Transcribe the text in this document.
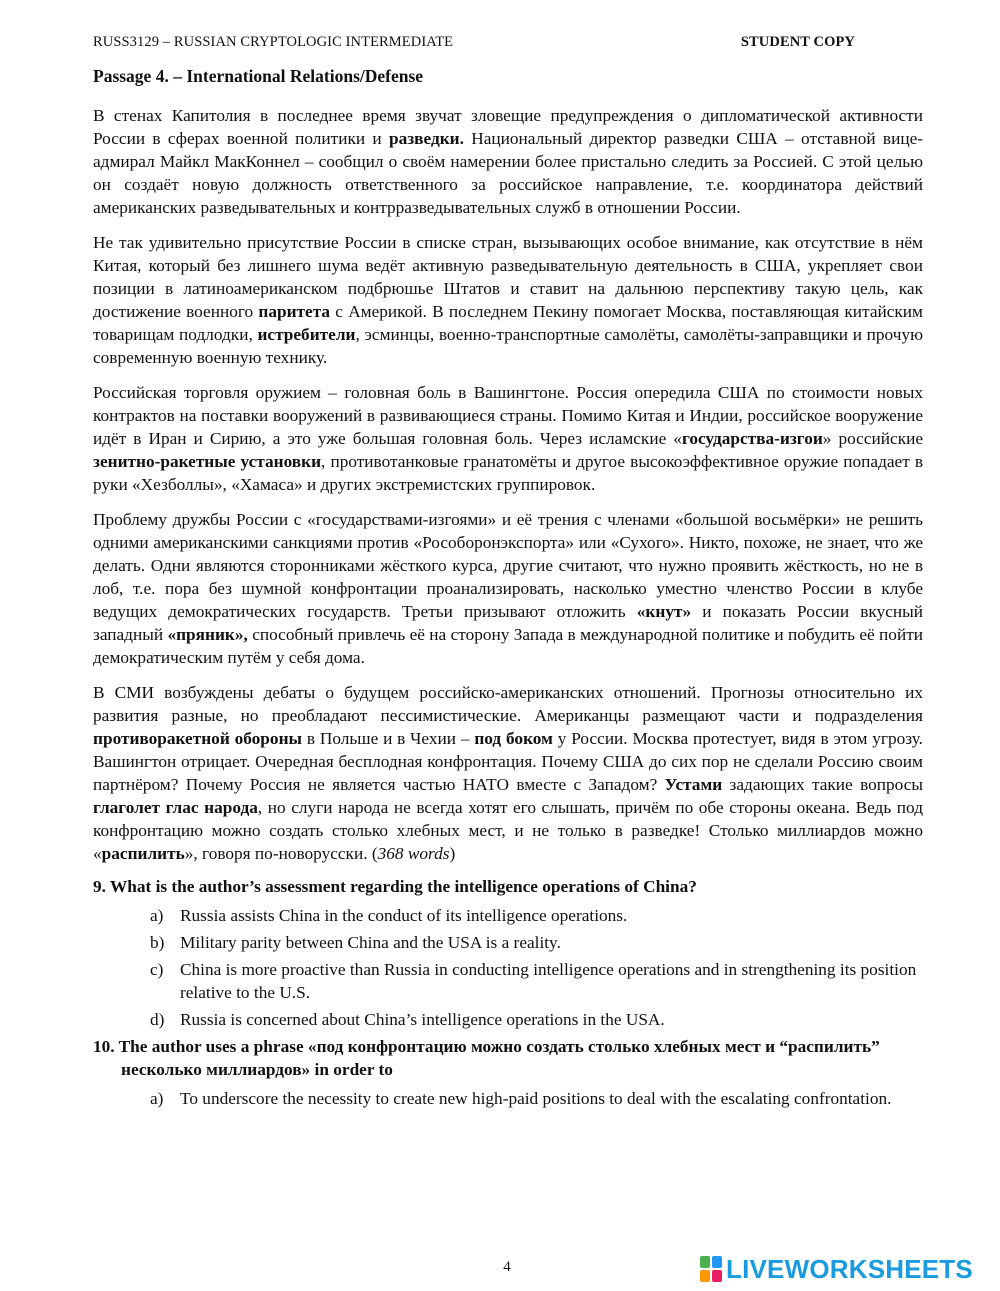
RUSS3129 – RUSSIAN CRYPTOLOGIC INTERMEDIATE	STUDENT COPY
Passage 4. – International Relations/Defense

В стенах Капитолия в последнее время звучат зловещие предупреждения о дипломатической активности России в сферах военной политики и разведки. Национальный директор разведки США – отставной вице-адмирал Майкл МакКоннел – сообщил о своём намерении более пристально следить за Россией. С этой целью он создаёт новую должность ответственного за российское направление, т.е. координатора действий американских разведывательных и контрразведывательных служб в отношении России.

Не так удивительно присутствие России в списке стран, вызывающих особое внимание, как отсутствие в нём Китая, который без лишнего шума ведёт активную разведывательную деятельность в США, укрепляет свои позиции в латиноамериканском подбрюшье Штатов и ставит на дальнюю перспективу такую цель, как достижение военного паритета с Америкой. В последнем Пекину помогает Москва, поставляющая китайским товарищам подлодки, истребители, эсминцы, военно-транспортные самолёты, самолёты-заправщики и прочую современную военную технику.

Российская торговля оружием – головная боль в Вашингтоне. Россия опередила США по стоимости новых контрактов на поставки вооружений в развивающиеся страны. Помимо Китая и Индии, российское вооружение идёт в Иран и Сирию, а это уже большая головная боль. Через исламские «государства-изгои» российские зенитно-ракетные установки, противотанковые гранатомёты и другое высокоэффективное оружие попадает в руки «Хезболлы», «Хамаса» и других экстремистских группировок.

Проблему дружбы России с «государствами-изгоями» и её трения с членами «большой восьмёрки» не решить одними американскими санкциями против «Рособоронэкспорта» или «Сухого». Никто, похоже, не знает, что же делать. Одни являются сторонниками жёсткого курса, другие считают, что нужно проявить жёсткость, но не в лоб, т.е. пора без шумной конфронтации проанализировать, насколько уместно членство России в клубе ведущих демократических государств. Третьи призывают отложить «кнут» и показать России вкусный западный «пряник», способный привлечь её на сторону Запада в международной политике и побудить её пойти демократическим путём у себя дома.

В СМИ возбуждены дебаты о будущем российско-американских отношений. Прогнозы относительно их развития разные, но преобладают пессимистические. Американцы размещают части и подразделения противоракетной обороны в Польше и в Чехии – под боком у России. Москва протестует, видя в этом угрозу. Вашингтон отрицает. Очередная бесплодная конфронтация. Почему США до сих пор не сделали Россию своим партнёром? Почему Россия не является частью НАТО вместе с Западом? Устами задающих такие вопросы глаголет глас народа, но слуги народа не всегда хотят его слышать, причём по обе стороны океана. Ведь под конфронтацию можно создать столько хлебных мест, и не только в разведке! Столько миллиардов можно «распилить», говоря по-новорусски. (368 words)

9. What is the author’s assessment regarding the intelligence operations of China?
a) Russia assists China in the conduct of its intelligence operations.
b) Military parity between China and the USA is a reality.
c) China is more proactive than Russia in conducting intelligence operations and in strengthening its position relative to the U.S.
d) Russia is concerned about China’s intelligence operations in the USA.
10. The author uses a phrase «под конфронтацию можно создать столько хлебных мест и “распилить” несколько миллиардов» in order to
a) To underscore the necessity to create new high-paid positions to deal with the escalating confrontation.
4	LIVEWORKSHEETS
